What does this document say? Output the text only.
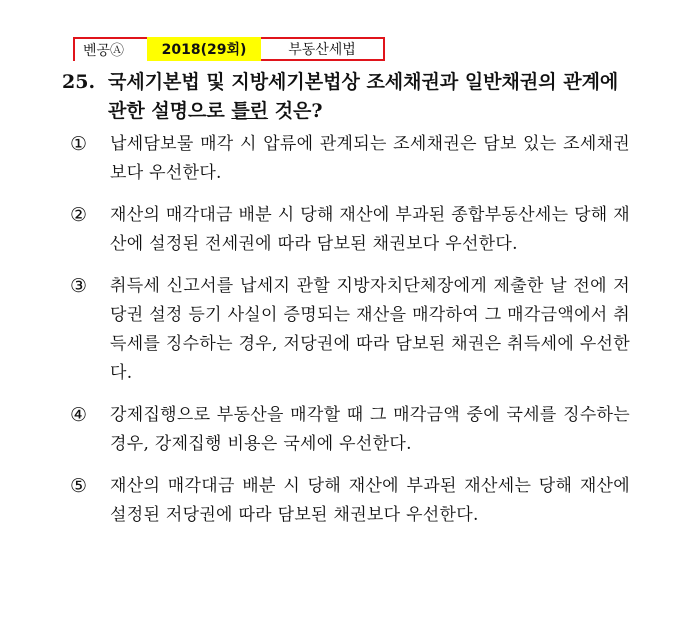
벤공Ⓐ	2018(29회)	부동산세법
25. 국세기본법 및 지방세기본법상 조세채권과 일반채권의 관계에 관한 설명으로 틀린 것은?
①	납세담보물 매각 시 압류에 관계되는 조세채권은 담보 있는 조세채권보다 우선한다.
②	재산의 매각대금 배분 시 당해 재산에 부과된 종합부동산세는 당해 재산에 설정된 전세권에 따라 담보된 채권보다 우선한다.
③	취득세 신고서를 납세지 관할 지방자치단체장에게 제출한 날 전에 저당권 설정 등기 사실이 증명되는 재산을 매각하여 그 매각금액에서 취득세를 징수하는 경우, 저당권에 따라 담보된 채권은 취득세에 우선한다.
④	강제집행으로 부동산을 매각할 때 그 매각금액 중에 국세를 징수하는 경우, 강제집행 비용은 국세에 우선한다.
⑤	재산의 매각대금 배분 시 당해 재산에 부과된 재산세는 당해 재산에 설정된 저당권에 따라 담보된 채권보다 우선한다.
